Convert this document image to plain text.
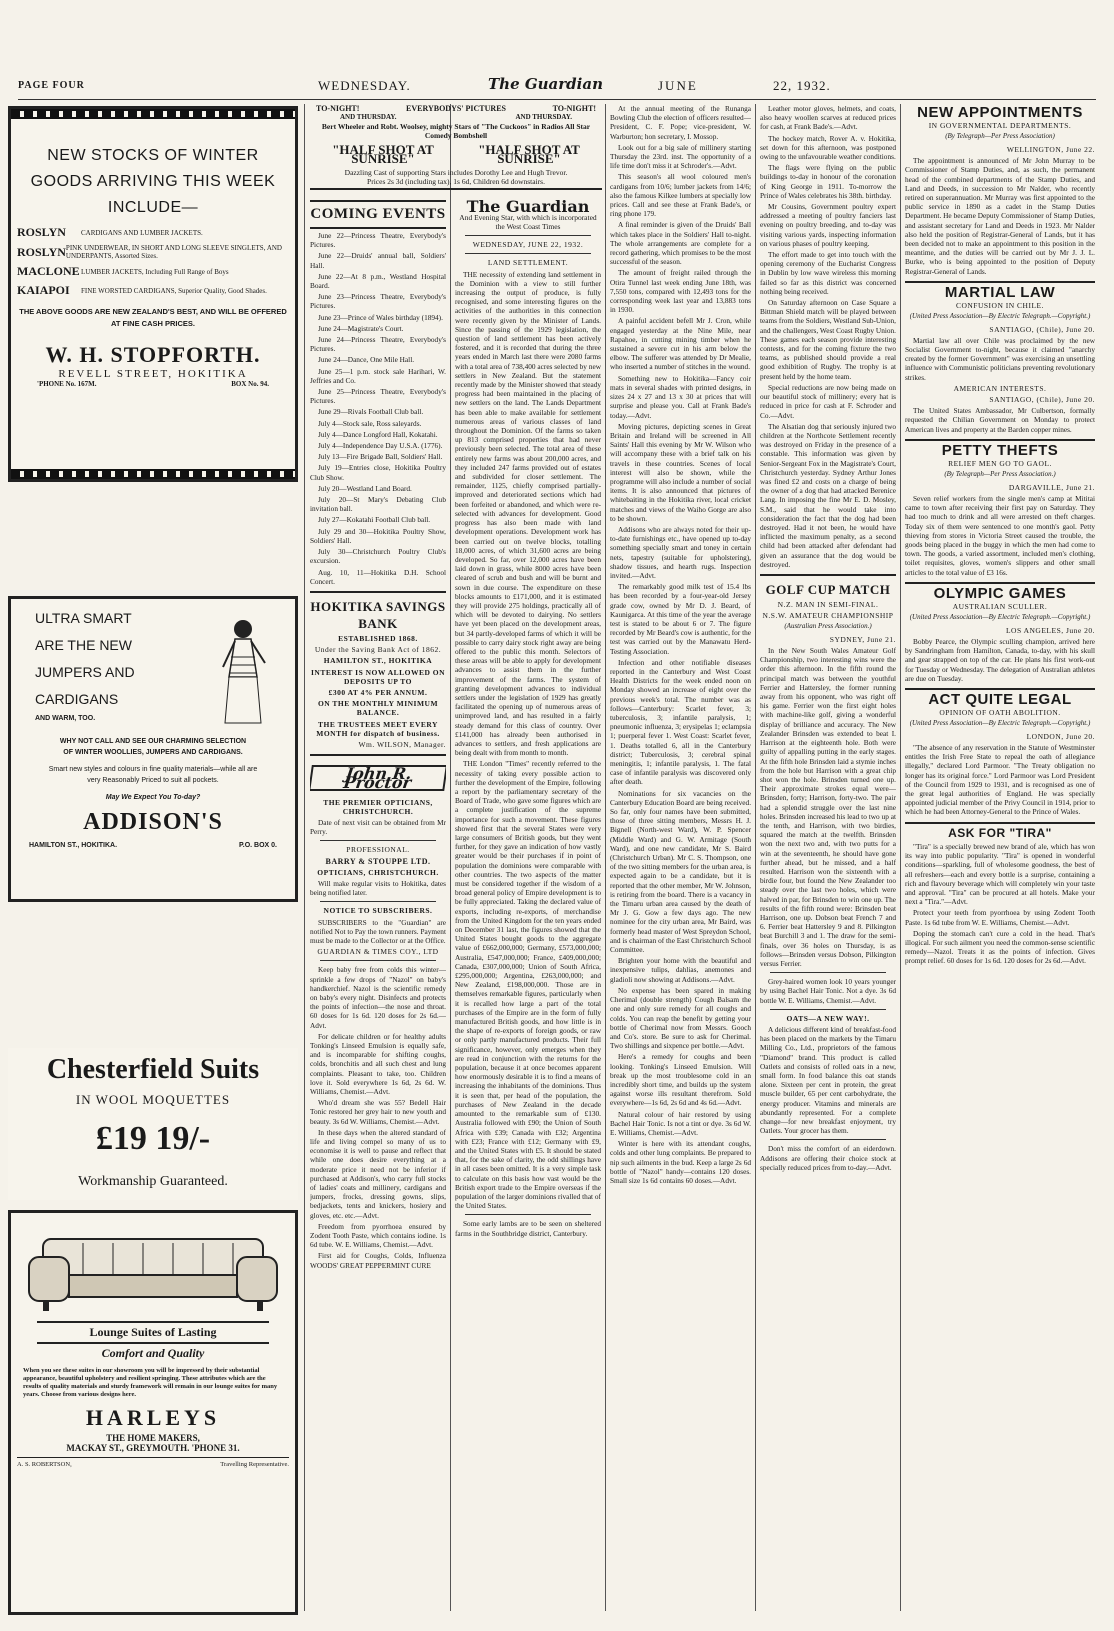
PAGE FOUR	WEDNESDAY.	The Guardian	JUNE	22, 1932.
NEW STOCKS OF WINTER
GOODS ARRIVING THIS WEEK
INCLUDE—
ROSLYN	CARDIGANS AND LUMBER JACKETS.
ROSLYN PINK UNDERWEAR, IN SHORT AND LONG SLEEVE SINGLETS, AND UNDERPANTS, Assorted Sizes.
MACLONE LUMBER JACKETS, Including Full Range of Boys
KAIAPOI	FINE WORSTED CARDIGANS, Superior Quality, Good Shades.
THE ABOVE GOODS ARE NEW ZEALAND'S BEST, AND WILL BE OFFERED AT FINE CASH PRICES.
W. H. STOPFORTH.
REVELL STREET, HOKITIKA
'PHONE No. 167M.	BOX No. 94.
ULTRA SMART
ARE THE NEW
JUMPERS AND
CARDIGANS
AND WARM, TOO.
WHY NOT CALL AND SEE OUR CHARMING SELECTION OF WINTER WOOLLIES, JUMPERS AND CARDIGANS.
Smart new styles and colours in fine quality materials—while all are very Reasonably Priced to suit all pockets.
May We Expect You To-day?
ADDISON'S
HAMILTON ST., HOKITIKA.	P.O. BOX 0.
Chesterfield Suits
IN WOOL MOQUETTES
£19 19/-
Workmanship Guaranteed.
Lounge Suites of Lasting
Comfort and Quality
When you see these suites in our showroom you will be impressed by their substantial appearance, beautiful upholstery and resilient springing. These attributes which are the results of quality materials and sturdy framework will remain in our lounge suites for many years. Choose from various designs here.
HARLEYS
THE HOME MAKERS,
MACKAY ST., GREYMOUTH. 'PHONE 31.
A. S. ROBERTSON,	Travelling Representative.
TO-NIGHT!	EVERYBODYS' PICTURES	TO-NIGHT!
AND THURSDAY.	AND THURSDAY.
Bert Wheeler and Robt. Woolsey, mighty Stars of "The Cuckoos" in Radios All Star Comedy Bombshell
"HALF SHOT AT SUNRISE"
"HALF SHOT AT SUNRISE"
Dazzling Cast of supporting Stars includes Dorothy Lee and Hugh Trevor.
Prices 2s 3d (including tax), 1s 6d, Children 6d downstairs.
COMING EVENTS

June 22—Princess Theatre, Everybody's Pictures.

June 22—Druids' annual ball, Soldiers' Hall.

June 22—At 8 p.m., Westland Hospital Board.

June 23—Princess Theatre, Everybody's Pictures.

June 23—Prince of Wales birthday (1894).

June 24—Magistrate's Court.

June 24—Princess Theatre, Everybody's Pictures.

June 24—Dance, One Mile Hall.

June 25—1 p.m. stock sale Harihari, W. Jeffries and Co.

June 25—Princess Theatre, Everybody's Pictures.

June 29—Rivals Football Club ball.

July 4—Stock sale, Ross saleyards.

July 4—Dance Longford Hall, Kokatahi.

July 4—Independence Day U.S.A. (1776).

July 13—Fire Brigade Ball, Soldiers' Hall.

July 19—Entries close, Hokitika Poultry Club Show.

July 20—Westland Land Board.

July 20—St Mary's Debating Club invitation ball.

July 27—Kokatahi Football Club ball.

July 29 and 30—Hokitika Poultry Show, Soldiers' Hall.

July 30—Christchurch Poultry Club's excursion.

Aug. 10, 11—Hokitika D.H. School Concert.

HOKITIKA SAVINGS BANK
ESTABLISHED 1868.
Under the Saving Bank Act of 1862.
HAMILTON ST., HOKITIKA
INTEREST IS NOW ALLOWED ON DEPOSITS UP TO
£300 AT 4% PER ANNUM.
ON THE MONTHLY MINIMUM BALANCE.
THE TRUSTEES MEET EVERY MONTH for dispatch of business.
Wm. WILSON, Manager.
John R. Proctor
THE PREMIER OPTICIANS, CHRISTCHURCH.

Date of next visit can be obtained from Mr Perry.

PROFESSIONAL.
BARRY & STOUPPE LTD.
OPTICIANS, CHRISTCHURCH.

Will make regular visits to Hokitika, dates being notified later.

NOTICE TO SUBSCRIBERS.

SUBSCRIBERS to the "Guardian" are notified Not to Pay the town runners. Payment must be made to the Collector or at the Office.

GUARDIAN & TIMES COY., LTD

Keep baby free from colds this winter—sprinkle a few drops of "Nazol" on baby's handkerchief. Nazol is the scientific remedy on baby's every night. Disinfects and protects the points of infection—the nose and throat. 60 doses for 1s 6d. 120 doses for 2s 6d.—Advt.

For delicate children or for healthy adults Tonking's Linseed Emulsion is equally safe, and is incomparable for shifting coughs, colds, bronchitis and all such chest and lung complaints. Pleasant to take, too. Children love it. Sold everywhere 1s 6d, 2s 6d. W. Williams, Chemist.—Advt.

Who'd dream she was 55? Bedell Hair Tonic restored her grey hair to new youth and beauty. 3s 6d W. Williams, Chemist.—Advt.

In these days when the altered standard of life and living compel so many of us to economise it is well to pause and reflect that while one does desire everything at a moderate price it need not be inferior if purchased at Addison's, who carry full stocks of ladies' coats and millinery, cardigans and jumpers, frocks, dressing gowns, slips, bedjackets, tents and knickers, hosiery and gloves, etc. etc.—Advt.

Freedom from pyorrhoea ensured by Zodent Tooth Paste, which contains iodine. 1s 6d tube. W. E. Williams, Chemist.—Advt.

First aid for Coughs, Colds, Influenza WOODS' GREAT PEPPERMINT CURE

The Guardian
And Evening Star, with which is incorporated the West Coast Times
WEDNESDAY, JUNE 22, 1932.
LAND SETTLEMENT.

THE necessity of extending land settlement in the Dominion with a view to still further increasing the output of produce, is fully recognised, and some interesting figures on the activities of the authorities in this connection were recently given by the Minister of Lands. Since the passing of the 1929 legislation, the question of land settlement has been actively fostered, and it is recorded that during the three years ended in March last there were 2080 farms with a total area of 738,400 acres selected by new settlers in New Zealand. But the statement recently made by the Minister showed that steady progress had been maintained in the placing of new settlers on the land. The Lands Department has been able to make available for settlement numerous areas of various classes of land throughout the Dominion. Of the farms so taken up 813 comprised properties that had never previously been selected. The total area of these entirely new farms was about 200,000 acres, and they included 247 farms provided out of estates and subdivided for closer settlement. The remainder, 1125, chiefly comprised partially-improved and deteriorated sections which had been forfeited or abandoned, and which were re-selected with advances for development. Good progress has also been made with land development operations. Development work has been carried out on twelve blocks, totalling 18,000 acres, of which 31,600 acres are being developed. So far, over 12,000 acres have been laid down in grass, while 8000 acres have been cleared of scrub and bush and will be burnt and sown in due course. The expenditure on these blocks amounts to £171,000, and it is estimated they will provide 275 holdings, practically all of which will be devoted to dairying. No settlers have yet been placed on the development areas, but 34 partly-developed farms of which it will be possible to carry dairy stock right away are being offered to the public this month. Selectors of these areas will be able to apply for development advances to assist them in the further improvement of the farms. The system of granting development advances to individual settlers under the legislation of 1929 has greatly facilitated the opening up of numerous areas of unimproved land, and has resulted in a fairly steady demand for this class of country. Over £141,000 has already been authorised in advances to settlers, and fresh applications are being dealt with from month to month.

THE London "Times" recently referred to the necessity of taking every possible action to further the development of the Empire, following a report by the parliamentary secretary of the Board of Trade, who gave some figures which are a complete justification of the supreme importance for such a movement. These figures showed first that the several States were very large consumers of British goods, but they went further, for they gave an indication of how vastly greater would be their purchases if in point of population the dominions were comparable with other countries. The two aspects of the matter must be considered together if the wisdom of a broad general policy of Empire development is to be fully appreciated. Taking the declared value of exports, including re-exports, of merchandise from the United Kingdom for the ten years ended on December 31 last, the figures showed that the United States bought goods to the aggregate value of £662,000,000; Germany, £573,000,000; Australia, £547,000,000; France, £409,000,000; Canada, £307,000,000; Union of South Africa, £295,000,000; Argentina, £263,000,000; and New Zealand, £198,000,000. Those are in themselves remarkable figures, particularly when it is recalled how large a part of the total purchases of the Empire are in the form of fully manufactured British goods, and how little is in the shape of re-exports of foreign goods, or raw or only partly manufactured products. Their full significance, however, only emerges when they are read in conjunction with the returns for the population, because it at once becomes apparent how enormously desirable it is to find a means of increasing the inhabitants of the dominions. Thus it is seen that, per head of the population, the purchases of New Zealand in the decade amounted to the remarkable sum of £130. Australia followed with £90; the Union of South Africa with £39; Canada with £32; Argentina with £23; France with £12; Germany with £9, and the United States with £5. It should be stated that, for the sake of clarity, the odd shillings have in all cases been omitted. It is a very simple task to calculate on this basis how vast would be the British export trade to the Empire overseas if the population of the larger dominions rivalled that of the United States.

Some early lambs are to be seen on sheltered farms in the Southbridge district, Canterbury.

At the annual meeting of the Runanga Bowling Club the election of officers resulted—President, C. F. Pope; vice-president, W. Warburton; hon secretary, I. Mossop.

Look out for a big sale of millinery starting Thursday the 23rd. inst. The opportunity of a life time don't miss it at Schroder's.—Advt.

This season's all wool coloured men's cardigans from 10/6; lumber jackets from 14/6; also the famous Kilkee lumbers at specially low prices. Call and see these at Frank Bade's, or ring phone 179.

A final reminder is given of the Druids' Ball which takes place in the Soldiers' Hall to-night. The whole arrangements are complete for a record gathering, which promises to be the most successful of the season.

The amount of freight railed through the Otira Tunnel last week ending June 18th, was 7,550 tons, compared with 12,493 tons for the corresponding week last year and 13,883 tons in 1930.

A painful accident befell Mr J. Cron, while engaged yesterday at the Nine Mile, near Rapahoe, in cutting mining timber when he sustained a severe cut in his arm below the elbow. The sufferer was attended by Dr Mealie, who inserted a number of stitches in the wound.

Something new to Hokitika—Fancy coir mats in several shades with printed designs, in sizes 24 x 27 and 13 x 30 at prices that will surprise and please you. Call at Frank Bade's today.—Advt.

Moving pictures, depicting scenes in Great Britain and Ireland will be screened in All Saints' Hall this evening by Mr W. Wilson who will accompany these with a brief talk on his travels in these countries. Scenes of local interest will also be shown, while the programme will also include a number of social items. It is also announced that pictures of whitebaiting in the Hokitika river, local cricket matches and views of the Waiho Gorge are also to be shown.

Addisons who are always noted for their up-to-date furnishings etc., have opened up to-day something specially smart and toney in certain nets, tapestry (suitable for upholstering), shadow tissues, and hearth rugs. Inspection invited.—Advt.

The remarkably good milk test of 15.4 lbs has been recorded by a four-year-old Jersey grade cow, owned by Mr D. J. Beard, of Kaunigarca. At this time of the year the average test is stated to be about 6 or 7. The figure recorded by Mr Beard's cow is authentic, for the test was carried out by the Manawatu Herd-Testing Association.

Infection and other notifiable diseases reported in the Canterbury and West Coast Health Districts for the week ended noon on Monday showed an increase of eight over the previous week's total. The number was as follows—Canterbury: Scarlet fever, 3; tuberculosis, 3; infantile paralysis, 1; pneumonic influenza, 3; erysipelas 1; eclampsia 1; puerperal fever 1. West Coast: Scarlet fever, 1. Deaths totalled 6, all in the Canterbury district; Tuberculosis, 3; cerebral spinal meningitis, 1; infantile paralysis, 1. The fatal case of infantile paralysis was discovered only after death.

Nominations for six vacancies on the Canterbury Education Board are being received. So far, only four names have been submitted, those of three sitting members, Messrs H. J. Bignell (North-west Ward), W. P. Spencer (Middle Ward) and G. W. Armitage (South Ward), and one new candidate, Mr S. Baird (Christchurch Urban). Mr C. S. Thompson, one of the two sitting members for the urban area, is expected again to be a candidate, but it is reported that the other member, Mr W. Johnson, is retiring from the board. There is a vacancy in the Timaru urban area caused by the death of Mr J. G. Gow a few days ago. The new nominee for the city urban area, Mr Baird, was formerly head master of West Spreydon School, and is chairman of the East Christchurch School Committee.

Brighten your home with the beautiful and inexpensive tulips, dahlias, anemones and gladioli now showing at Addisons.—Advt.

No expense has been spared in making Cherimal (double strength) Cough Balsam the one and only sure remedy for all coughs and colds. You can reap the benefit by getting your bottle of Cherimal now from Messrs. Gooch and Co's. store. Be sure to ask for Cherimal. Two shillings and sixpence per bottle.—Advt.

Here's a remedy for coughs and been looking. Tonking's Linseed Emulsion. Will break up the most troublesome cold in an incredibly short time, and builds up the system against worse ills resultant therefrom. Sold everywhere—1s 6d, 2s 6d and 4s 6d.—Advt.

Natural colour of hair restored by using Bachel Hair Tonic. Is not a tint or dye. 3s 6d W. E. Williams, Chemist.—Advt.

Winter is here with its attendant coughs, colds and other lung complaints. Be prepared to nip such ailments in the bud. Keep a large 2s 6d bottle of "Nazol" handy—contains 120 doses. Small size 1s 6d contains 60 doses.—Advt.

Leather motor gloves, helmets, and coats, also heavy woollen scarves at reduced prices for cash, at Frank Bade's.—Advt.

The hockey match, Rover A. v. Hokitika, set down for this afternoon, was postponed owing to the unfavourable weather conditions.

The flags were flying on the public buildings to-day in honour of the coronation of King George in 1911. To-morrow the Prince of Wales celebrates his 38th. birthday.

Mr Cousins, Government poultry expert addressed a meeting of poultry fanciers last evening on poultry breeding, and to-day was visiting various yards, inspecting information on various phases of poultry keeping.

The effort made to get into touch with the opening ceremony of the Eucharist Congress in Dublin by low wave wireless this morning failed so far as this district was concerned nothing being received.

On Saturday afternoon on Case Square a Bittman Shield match will be played between teams from the Soldiers, Westland Sub-Union, and the challengers, West Coast Rugby Union. These games each season provide interesting contests, and for the coming fixture the two teams, as published should provide a real good exhibition of Rugby. The trophy is at present held by the home team.

Special reductions are now being made on our beautiful stock of millinery; every hat is reduced in price for cash at F. Schroder and Co.—Advt.

The Alsatian dog that seriously injured two children at the Northcote Settlement recently was destroyed on Friday in the presence of a constable. This information was given by Senior-Sergeant Fox in the Magistrate's Court, Christchurch yesterday. Sydney Arthur Jones was fined £2 and costs on a charge of being the owner of a dog that had attacked Berenice Lang. In imposing the fine Mr E. D. Mosley, S.M., said that he would take into consideration the fact that the dog had been destroyed. Had it not been, he would have inflicted the maximum penalty, as a second child had been attacked after defendant had given an assurance that the dog would be destroyed.

GOLF CUP MATCH
N.Z. MAN IN SEMI-FINAL.
N.S.W. AMATEUR CHAMPIONSHIP
(Australian Press Association.)
SYDNEY, June 21.

In the New South Wales Amateur Golf Championship, two interesting wins were the order this afternoon. In the fifth round the principal match was between the youthful Ferrier and Hattersley, the former running away from his opponent, who was right off his game. Ferrier won the first eight holes with machine-like golf, giving a wonderful display of brilliance and accuracy. The New Zealander Brinsden was extended to beat I. Harrison at the eighteenth hole. Both were guilty of appalling putting in the early stages. At the fifth hole Brinsden laid a stymie inches from the hole but Harrison with a great chip shot won the hole. Brinsden turned one up. Their approximate strokes equal were—Brinsden, forty; Harrison, forty-two. The pair had a splendid struggle over the last nine holes. Brinsden increased his lead to two up at the tenth, and Harrison, with two birdies, squared the match at the twelfth. Brinsden won the next two and, with two putts for a win at the seventeenth, he should have gone further ahead, but he missed, and a half resulted. Harrison won the sixteenth with a birdie four, but found the New Zealander too steady over the last two holes, which were halved in par, for Brinsden to win one up. The results of the fifth round were: Brinsden beat Harrison, one up. Dobson beat French 7 and 6. Ferrier beat Hattersley 9 and 8. Pilkington beat Burchill 3 and 1. The draw for the semi-finals, over 36 holes on Thursday, is as follows—Brinsden versus Dobson, Pilkington versus Ferrier.

Grey-haired women look 10 years younger by using Bachel Hair Tonic. Not a dye. 3s 6d bottle W. E. Williams, Chemist.—Advt.

OATS—A NEW WAY!.

A delicious different kind of breakfast-food has been placed on the markets by the Timaru Milling Co., Ltd., proprietors of the famous "Diamond" brand. This product is called Oatlets and consists of rolled oats in a new, small form. In food balance this oat stands alone. Sixteen per cent in protein, the great muscle builder, 65 per cent carbohydrate, the energy producer. Vitamins and minerals are abundantly represented. For a complete change—for new breakfast enjoyment, try Oatlets. Your grocer has them.

Don't miss the comfort of an eiderdown. Addisons are offering their choice stock at specially reduced prices from to-day.—Advt.

NEW APPOINTMENTS
IN GOVERNMENTAL DEPARTMENTS.
(By Telegraph—Per Press Association)
WELLINGTON, June 22.

The appointment is announced of Mr John Murray to be Commissioner of Stamp Duties, and, as such, the permanent head of the combined departments of the Stamp Duties, and Land and Deeds, in succession to Mr Nalder, who recently retired on superannuation. Mr Murray was first appointed to the public service in 1890 as a cadet in the Stamp Duties Department. He became Deputy Commissioner of Stamp Duties, and assistant secretary for Land and Deeds in 1923. Mr Nalder also held the position of Registrar-General of Lands, but it has been decided not to make an appointment to this position in the meantime, and the duties will be carried out by Mr J. J. L. Burke, who is being appointed to the position of Deputy Registrar-General of Lands.

MARTIAL LAW
CONFUSION IN CHILE.
(United Press Association—By Electric Telegraph.—Copyright.)
SANTIAGO, (Chile), June 20.

Martial law all over Chile was proclaimed by the new Socialist Government to-night, because it claimed "anarchy created by the former Government" was exercising an unsettling influence with Communistic politicians preventing revolutionary strikes.

AMERICAN INTERESTS.
SANTIAGO, (Chile), June 20.

The United States Ambassador, Mr Culbertson, formally requested the Chilian Government on Monday to protect American lives and property at the Barden copper mines.

PETTY THEFTS
RELIEF MEN GO TO GAOL.
(By Telegraph—Per Press Association.)
DARGAVILLE, June 21.

Seven relief workers from the single men's camp at Mititai came to town after receiving their first pay on Saturday. They had too much to drink and all were arrested on theft charges. Today six of them were sentenced to one month's gaol. Petty thieving from stores in Victoria Street caused the trouble, the goods being placed in the buggy in which the men had come to town. The goods, a varied assortment, included men's clothing, toilet requisites, gloves, women's slippers and other small articles to the total value of £3 16s.

OLYMPIC GAMES
AUSTRALIAN SCULLER.
(United Press Association—By Electric Telegraph.—Copyright.)
LOS ANGELES, June 20.

Bobby Pearce, the Olympic sculling champion, arrived here by Sandringham from Hamilton, Canada, to-day, with his skull and gear strapped on top of the car. He plans his first work-out for Tuesday or Wednesday. The delegation of Australian athletes are due on Tuesday.

ACT QUITE LEGAL
OPINION OF OATH ABOLITION.
(United Press Association—By Electric Telegraph.—Copyright.)
LONDON, June 20.

"The absence of any reservation in the Statute of Westminster entitles the Irish Free State to repeal the oath of allegiance illegally," declared Lord Parmoor. "The Treaty obligation no longer has its original force." Lord Parmoor was Lord President of the Council from 1929 to 1931, and is recognised as one of the great legal authorities of England. He was specially appointed judicial member of the Privy Council in 1914, prior to which he had been Attorney-General to the Prince of Wales.

ASK FOR "TIRA"

"Tira" is a specially brewed new brand of ale, which has won its way into public popularity. "Tira" is opened in wonderful conditions—sparkling, full of wholesome goodness, the best of all refreshers—each and every bottle is a surprise, containing a rich and flavoury beverage which will completely win your taste and approval. "Tira" can be procured at all hotels. Make your next a "Tira."—Advt.

Protect your teeth from pyorrhoea by using Zodent Tooth Paste. 1s 6d tube from W. E. Williams, Chemist.—Advt.

Doping the stomach can't cure a cold in the head. That's illogical. For such ailment you need the common-sense scientific remedy—Nazol. Treats it as the points of infection. Gives prompt relief. 60 doses for 1s 6d. 120 doses for 2s 6d.—Advt.
